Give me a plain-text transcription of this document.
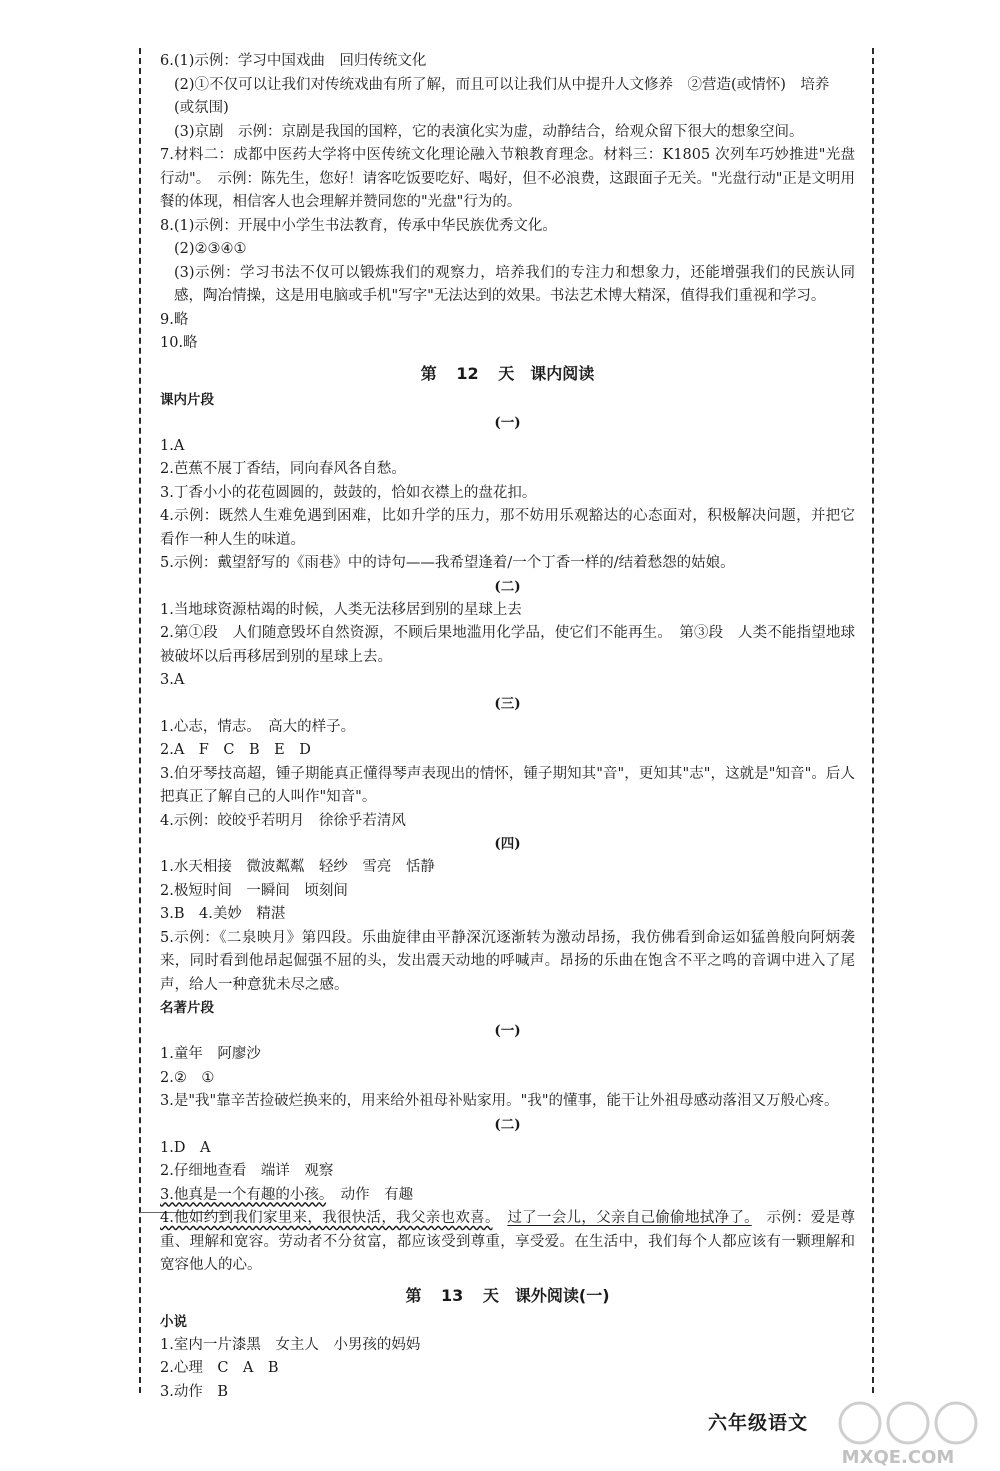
6.(1)示例：学习中国戏曲　回归传统文化
(2)①不仅可以让我们对传统戏曲有所了解，而且可以让我们从中提升人文修养　②营造(或情怀)　培养
(或氛围)
(3)京剧　示例：京剧是我国的国粹，它的表演化实为虚，动静结合，给观众留下很大的想象空间。
7.材料二：成都中医药大学将中医传统文化理论融入节粮教育理念。材料三：K1805 次列车巧妙推进"光盘行动"。　示例：陈先生，您好！请客吃饭要吃好、喝好，但不必浪费，这跟面子无关。"光盘行动"正是文明用餐的体现，相信客人也会理解并赞同您的"光盘"行为的。
8.(1)示例：开展中小学生书法教育，传承中华民族优秀文化。
(2)②③④①
(3)示例：学习书法不仅可以锻炼我们的观察力，培养我们的专注力和想象力，还能增强我们的民族认同感，陶冶情操，这是用电脑或手机"写字"无法达到的效果。书法艺术博大精深，值得我们重视和学习。
9.略
10.略
第 12 天　课内阅读
课内片段
(一)
1.A
2.芭蕉不展丁香结，同向春风各自愁。
3.丁香小小的花苞圆圆的，鼓鼓的，恰如衣襟上的盘花扣。
4.示例：既然人生难免遇到困难，比如升学的压力，那不妨用乐观豁达的心态面对，积极解决问题，并把它看作一种人生的味道。
5.示例：戴望舒写的《雨巷》中的诗句——我希望逢着/一个丁香一样的/结着愁怨的姑娘。
(二)
1.当地球资源枯竭的时候，人类无法移居到别的星球上去
2.第①段　人们随意毁坏自然资源，不顾后果地滥用化学品，使它们不能再生。　第③段　人类不能指望地球被破坏以后再移居到别的星球上去。
3.A
(三)
1.心志，情志。　高大的样子。
2.A　F　C　B　E　D
3.伯牙琴技高超，锺子期能真正懂得琴声表现出的情怀，锺子期知其"音"，更知其"志"，这就是"知音"。后人把真正了解自己的人叫作"知音"。
4.示例：皎皎乎若明月　徐徐乎若清风
(四)
1.水天相接　微波粼粼　轻纱　雪亮　恬静
2.极短时间　一瞬间　顷刻间
3.B　4.美妙　精湛
5.示例：《二泉映月》第四段。乐曲旋律由平静深沉逐渐转为激动昂扬，我仿佛看到命运如猛兽般向阿炳袭来，同时看到他昂起倔强不屈的头，发出震天动地的呼喊声。昂扬的乐曲在饱含不平之鸣的音调中进入了尾声，给人一种意犹未尽之感。
名著片段
(一)
1.童年　阿廖沙
2.②　①
3.是"我"靠辛苦捡破烂换来的，用来给外祖母补贴家用。"我"的懂事，能干让外祖母感动落泪又万般心疼。
(二)
1.D　A
2.仔细地查看　端详　观察
3.他真是一个有趣的小孩。　动作　有趣
4.他如约到我们家里来，我很快活，我父亲也欢喜。　 过了一会儿，父亲自己偷偷地拭净了。　示例：爱是尊重、理解和宽容。劳动者不分贫富，都应该受到尊重，享受爱。在生活中，我们每个人都应该有一颗理解和宽容他人的心。
第 13 天　课外阅读(一)
小说
1.室内一片漆黑　女主人　小男孩的妈妈
2.心理　C　A　B
3.动作　B
六年级语文
MXQE.COM
